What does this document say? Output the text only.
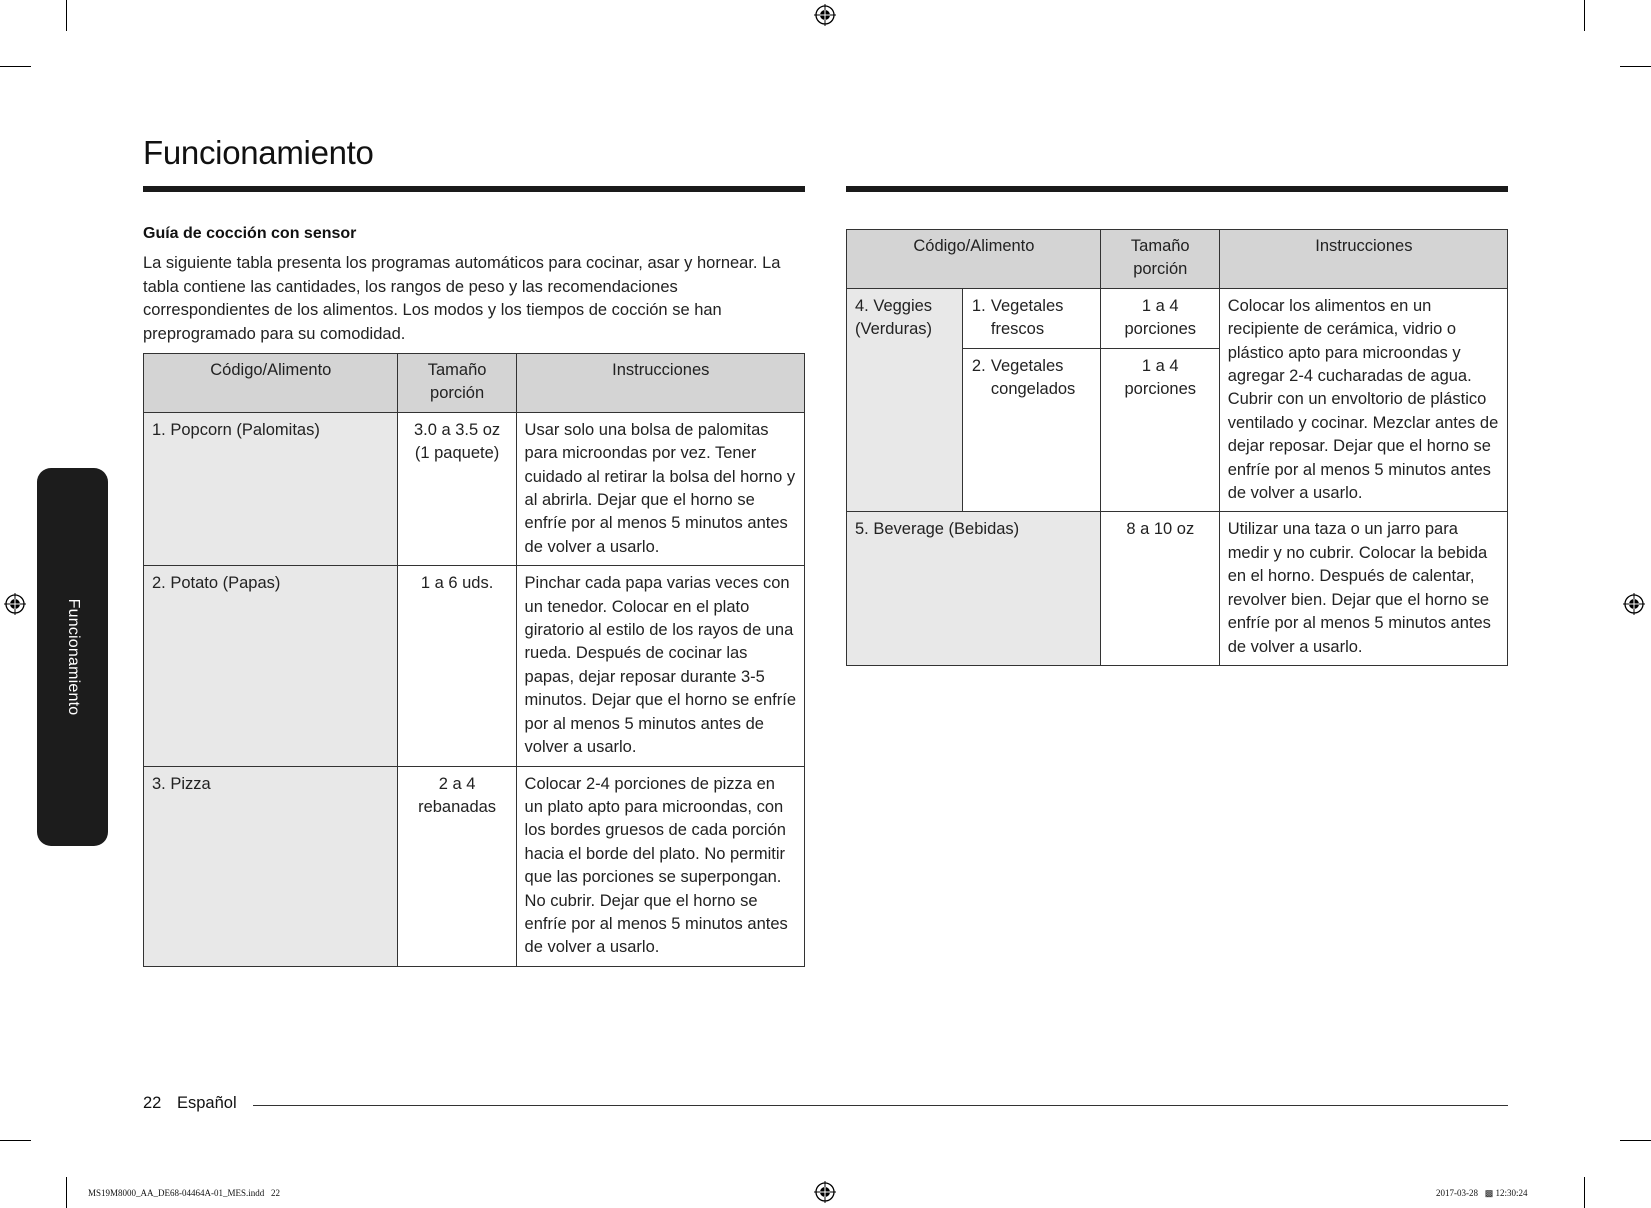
Funcionamiento
Funcionamiento
Guía de cocción con sensor
La siguiente tabla presenta los programas automáticos para cocinar, asar y hornear. La tabla contiene las cantidades, los rangos de peso y las recomendaciones correspondientes de los alimentos. Los modos y los tiempos de cocción se han preprogramado para su comodidad.
Código/Alimento	Tamaño porción	Instrucciones
1. Popcorn (Palomitas)	3.0 a 3.5 oz (1 paquete)	Usar solo una bolsa de palomitas para microondas por vez. Tener cuidado al retirar la bolsa del horno y al abrirla. Dejar que el horno se enfríe por al menos 5 minutos antes de volver a usarlo.
2. Potato (Papas)	1 a 6 uds.	Pinchar cada papa varias veces con un tenedor. Colocar en el plato giratorio al estilo de los rayos de una rueda. Después de cocinar las papas, dejar reposar durante 3-5 minutos. Dejar que el horno se enfríe por al menos 5 minutos antes de volver a usarlo.
3. Pizza	2 a 4 rebanadas	Colocar 2-4 porciones de pizza en un plato apto para microondas, con los bordes gruesos de cada porción hacia el borde del plato. No permitir que las porciones se superpongan. No cubrir. Dejar que el horno se enfríe por al menos 5 minutos antes de volver a usarlo.
Código/Alimento		Tamaño porción	Instrucciones
4. Veggies (Verduras)	1. Vegetales frescos	1 a 4 porciones	Colocar los alimentos en un recipiente de cerámica, vidrio o plástico apto para microondas y agregar 2-4 cucharadas de agua. Cubrir con un envoltorio de plástico ventilado y cocinar. Mezclar antes de dejar reposar. Dejar que el horno se enfríe por al menos 5 minutos antes de volver a usarlo.

	2. Vegetales congelados	1 a 4 porciones	
5. Beverage (Bebidas)		8 a 10 oz	Utilizar una taza o un jarro para medir y no cubrir. Colocar la bebida en el horno. Después de calentar, revolver bien. Dejar que el horno se enfríe por al menos 5 minutos antes de volver a usarlo.
22 Español
MS19M8000_AA_DE68-04464A-01_MES.indd   22	2017-03-28   ▩ 12:30:24
